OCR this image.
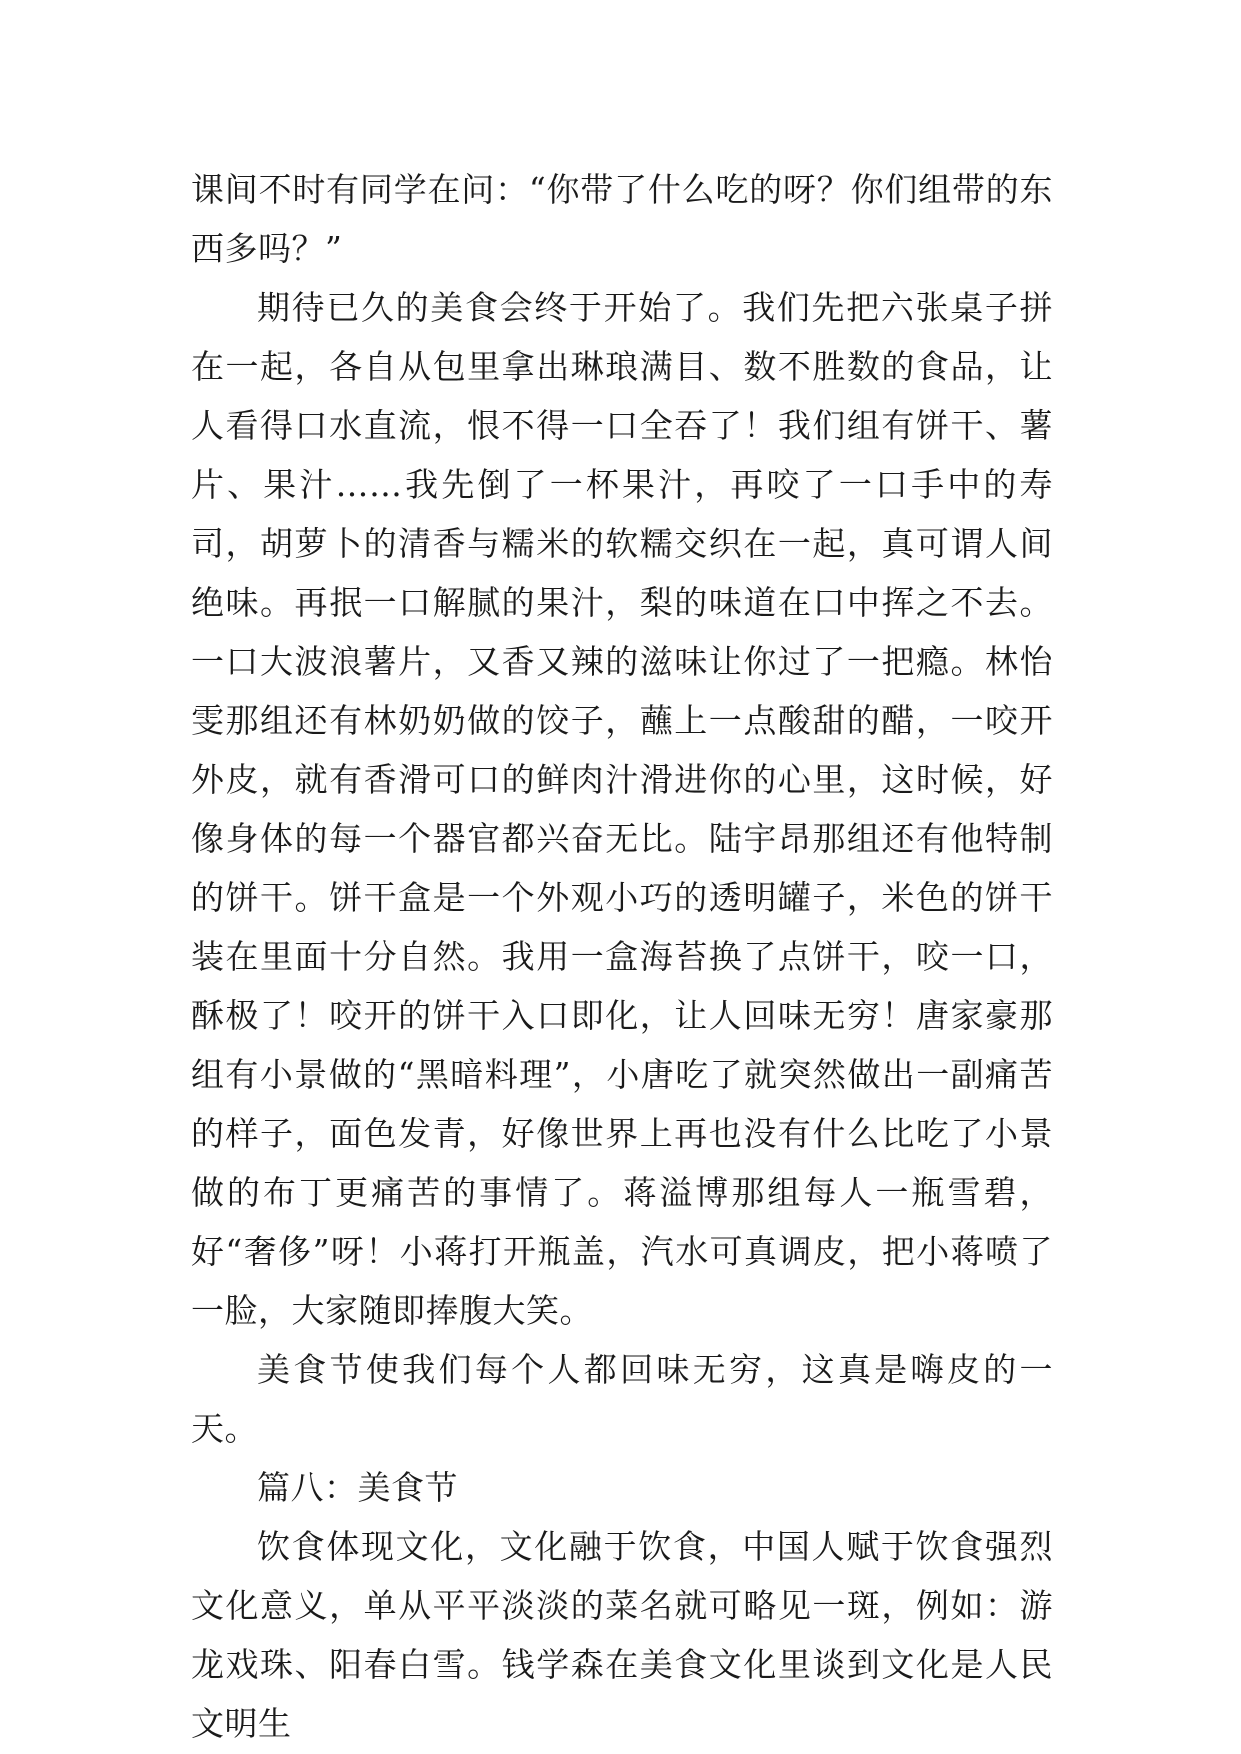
课间不时有同学在问：“你带了什么吃的呀？你们组带的东西多吗？”

期待已久的美食会终于开始了。我们先把六张桌子拼在一起，各自从包里拿出琳琅满目、数不胜数的食品，让人看得口水直流，恨不得一口全吞了！我们组有饼干、薯片、果汁……我先倒了一杯果汁，再咬了一口手中的寿司，胡萝卜的清香与糯米的软糯交织在一起，真可谓人间绝味。再抿一口解腻的果汁，梨的味道在口中挥之不去。一口大波浪薯片，又香又辣的滋味让你过了一把瘾。林怡雯那组还有林奶奶做的饺子，蘸上一点酸甜的醋，一咬开外皮，就有香滑可口的鲜肉汁滑进你的心里，这时候，好像身体的每一个器官都兴奋无比。陆宇昂那组还有他特制的饼干。饼干盒是一个外观小巧的透明罐子，米色的饼干装在里面十分自然。我用一盒海苔换了点饼干，咬一口，酥极了！咬开的饼干入口即化，让人回味无穷！唐家豪那组有小景做的“黑暗料理”，小唐吃了就突然做出一副痛苦的样子，面色发青，好像世界上再也没有什么比吃了小景做的布丁更痛苦的事情了。蒋溢博那组每人一瓶雪碧，好“奢侈”呀！小蒋打开瓶盖，汽水可真调皮，把小蒋喷了一脸，大家随即捧腹大笑。

美食节使我们每个人都回味无穷，这真是嗨皮的一天。

篇八：美食节

饮食体现文化，文化融于饮食，中国人赋于饮食强烈文化意义，单从平平淡淡的菜名就可略见一斑，例如：游龙戏珠、阳春白雪。钱学森在美食文化里谈到文化是人民文明生
